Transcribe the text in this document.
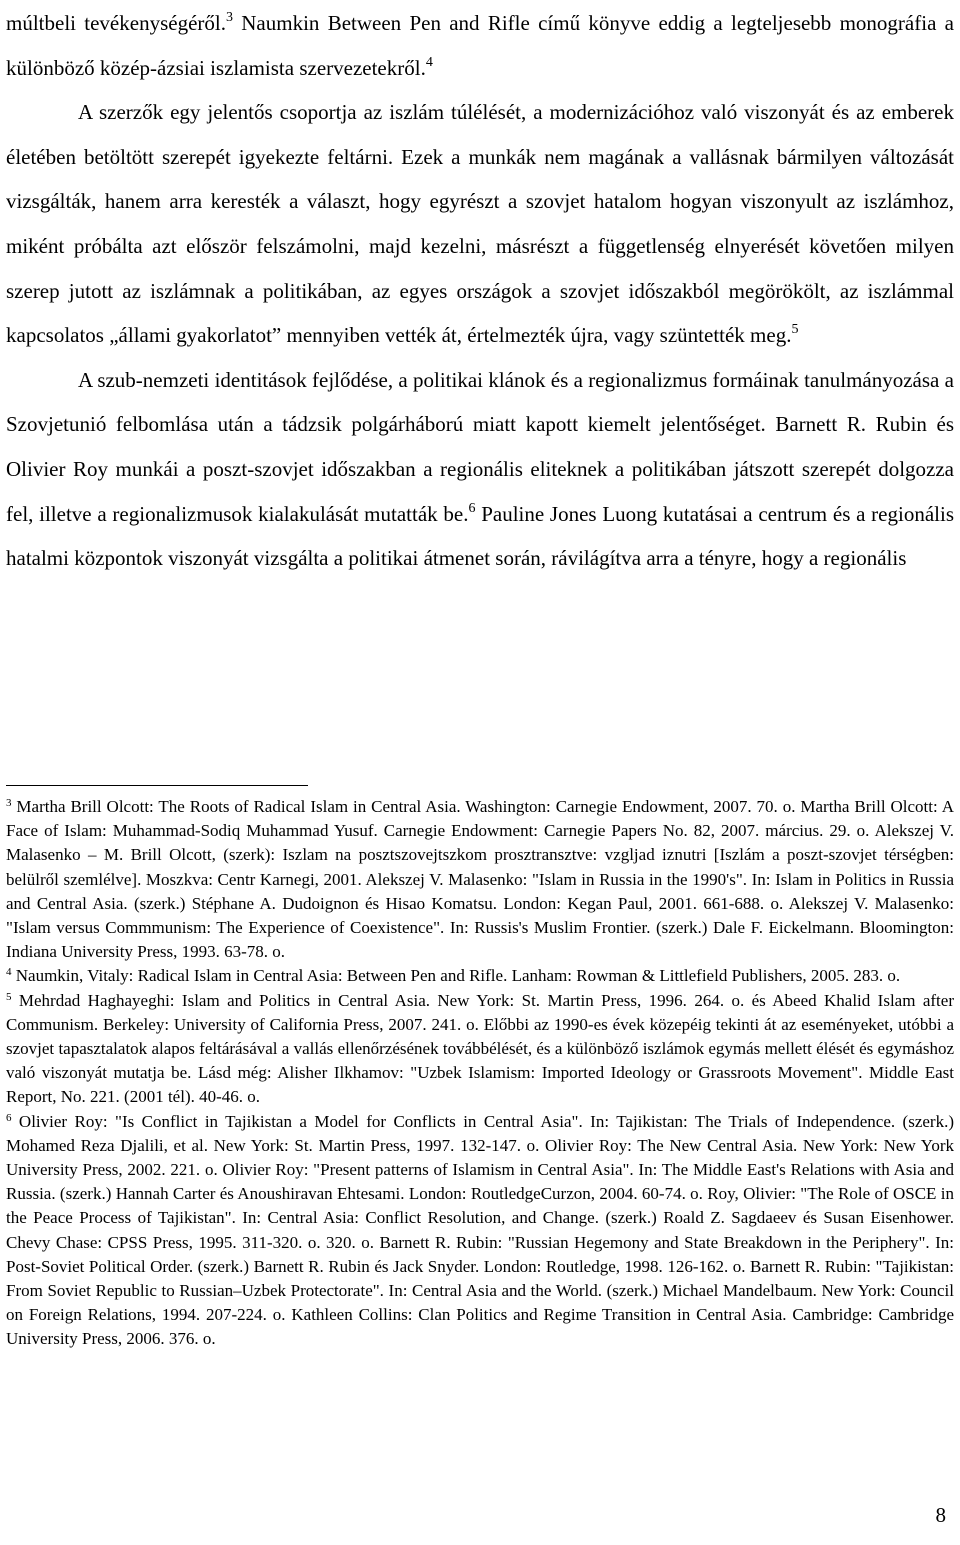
múltbeli tevékenységéről.$^3$ Naumkin Between Pen and Rifle című könyve eddig a legteljesebb monográfia a különböző közép-ázsiai iszlamista szervezetekről.$^4$

A szerzők egy jelentős csoportja az iszlám túlélését, a modernizációhoz való viszonyát és az emberek életében betöltött szerepét igyekezte feltárni. Ezek a munkák nem magának a vallásnak bármilyen változását vizsgálták, hanem arra keresték a választ, hogy egyrészt a szovjet hatalom hogyan viszonyult az iszlámhoz, miként próbálta azt először felszámolni, majd kezelni, másrészt a függetlenség elnyerését követően milyen szerep jutott az iszlámnak a politikában, az egyes országok a szovjet időszakból megörökölt, az iszlámmal kapcsolatos „állami gyakorlatot” mennyiben vették át, értelmezték újra, vagy szüntették meg.$^5$

A szub-nemzeti identitások fejlődése, a politikai klánok és a regionalizmus formáinak tanulmányozása a Szovjetunió felbomlása után a tádzsik polgárháború miatt kapott kiemelt jelentőséget. Barnett R. Rubin és Olivier Roy munkái a poszt-szovjet időszakban a regionális eliteknek a politikában játszott szerepét dolgozza fel, illetve a regionalizmusok kialakulását mutatták be.$^6$ Pauline Jones Luong kutatásai a centrum és a regionális hatalmi központok viszonyát vizsgálta a politikai átmenet során, rávilágítva arra a tényre, hogy a regionális

$^3$ Martha Brill Olcott: The Roots of Radical Islam in Central Asia. Washington: Carnegie Endowment, 2007. 70. o. Martha Brill Olcott: A Face of Islam: Muhammad-Sodiq Muhammad Yusuf. Carnegie Endowment: Carnegie Papers No. 82, 2007. március. 29. o. Alekszej V. Malasenko – M. Brill Olcott, (szerk): Iszlam na posztszovejtszkom prosztransztve: vzgljad iznutri [Iszlám a poszt-szovjet térségben: belülről szemlélve]. Moszkva: Centr Karnegi, 2001. Alekszej V. Malasenko: "Islam in Russia in the 1990's". In: Islam in Politics in Russia and Central Asia. (szerk.) Stéphane A. Dudoignon és Hisao Komatsu. London: Kegan Paul, 2001. 661-688. o. Alekszej V. Malasenko: "Islam versus Commmunism: The Experience of Coexistence". In: Russis's Muslim Frontier. (szerk.) Dale F. Eickelmann. Bloomington: Indiana University Press, 1993. 63-78. o.

$^4$ Naumkin, Vitaly: Radical Islam in Central Asia: Between Pen and Rifle. Lanham: Rowman & Littlefield Publishers, 2005. 283. o.

$^5$ Mehrdad Haghayeghi: Islam and Politics in Central Asia. New York: St. Martin Press, 1996. 264. o. és Abeed Khalid Islam after Communism. Berkeley: University of California Press, 2007. 241. o. Előbbi az 1990-es évek közepéig tekinti át az eseményeket, utóbbi a szovjet tapasztalatok alapos feltárásával a vallás ellenőrzésének továbbélését, és a különböző iszlámok egymás mellett élését és egymáshoz való viszonyát mutatja be. Lásd még: Alisher Ilkhamov: "Uzbek Islamism: Imported Ideology or Grassroots Movement". Middle East Report, No. 221. (2001 tél). 40-46. o.

$^6$ Olivier Roy: "Is Conflict in Tajikistan a Model for Conflicts in Central Asia". In: Tajikistan: The Trials of Independence. (szerk.) Mohamed Reza Djalili, et al. New York: St. Martin Press, 1997. 132-147. o. Olivier Roy: The New Central Asia. New York: New York University Press, 2002. 221. o. Olivier Roy: "Present patterns of Islamism in Central Asia". In: The Middle East's Relations with Asia and Russia. (szerk.) Hannah Carter és Anoushiravan Ehtesami. London: RoutledgeCurzon, 2004. 60-74. o. Roy, Olivier: "The Role of OSCE in the Peace Process of Tajikistan". In: Central Asia: Conflict Resolution, and Change. (szerk.) Roald Z. Sagdaeev és Susan Eisenhower. Chevy Chase: CPSS Press, 1995. 311-320. o. 320. o. Barnett R. Rubin: "Russian Hegemony and State Breakdown in the Periphery". In: Post-Soviet Political Order. (szerk.) Barnett R. Rubin és Jack Snyder. London: Routledge, 1998. 126-162. o. Barnett R. Rubin: "Tajikistan: From Soviet Republic to Russian–Uzbek Protectorate". In: Central Asia and the World. (szerk.) Michael Mandelbaum. New York: Council on Foreign Relations, 1994. 207-224. o. Kathleen Collins: Clan Politics and Regime Transition in Central Asia. Cambridge: Cambridge University Press, 2006. 376. o.

8
